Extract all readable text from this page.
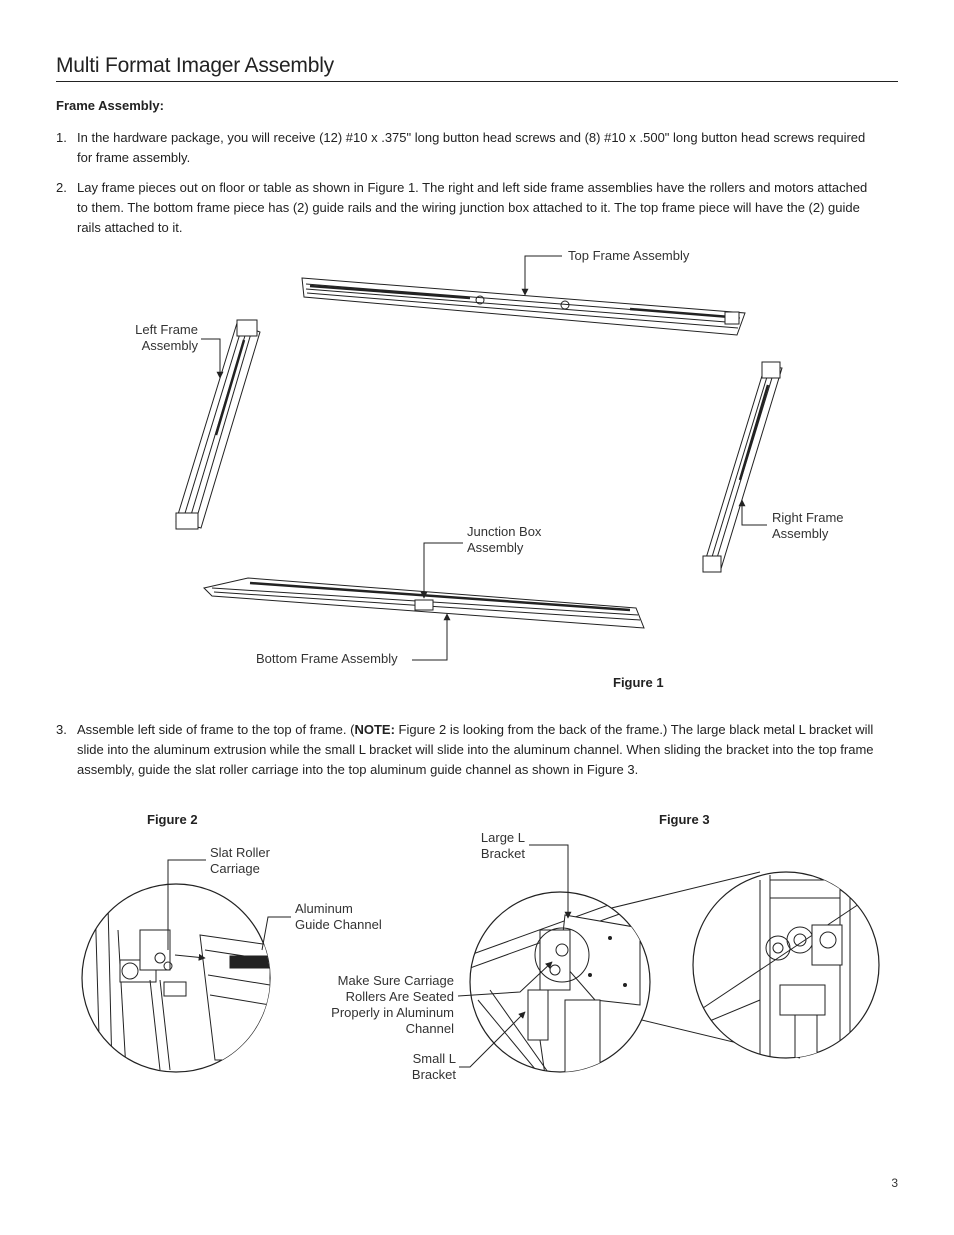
Multi Format Imager Assembly
Frame Assembly:
1. In the hardware package, you will receive (12) #10 x .375" long button head screws and (8) #10 x .500" long button head screws required for frame assembly.
2. Lay frame pieces out on floor or table as shown in Figure 1. The right and left side frame assemblies have the rollers and motors attached to them. The bottom frame piece has (2) guide rails and the wiring junction box attached to it. The top frame piece will have the (2) guide rails attached to it.
3. Assemble left side of frame to the top of frame. (NOTE: Figure 2 is looking from the back of the frame.) The large black metal L bracket will slide into the aluminum extrusion while the small L bracket will slide into the aluminum channel. When sliding the bracket into the top frame assembly, guide the slat roller carriage into the top aluminum guide channel as shown in Figure 3.
Top Frame Assembly
Left Frame
Assembly
Right Frame
Assembly
Junction Box
Assembly
Bottom Frame Assembly
Figure 1
Figure 2
Slat Roller
Carriage
Aluminum
Guide Channel
Figure 3
Large L
Bracket
Make Sure Carriage
Rollers Are Seated
Properly in Aluminum
Channel
Small L
Bracket
3
